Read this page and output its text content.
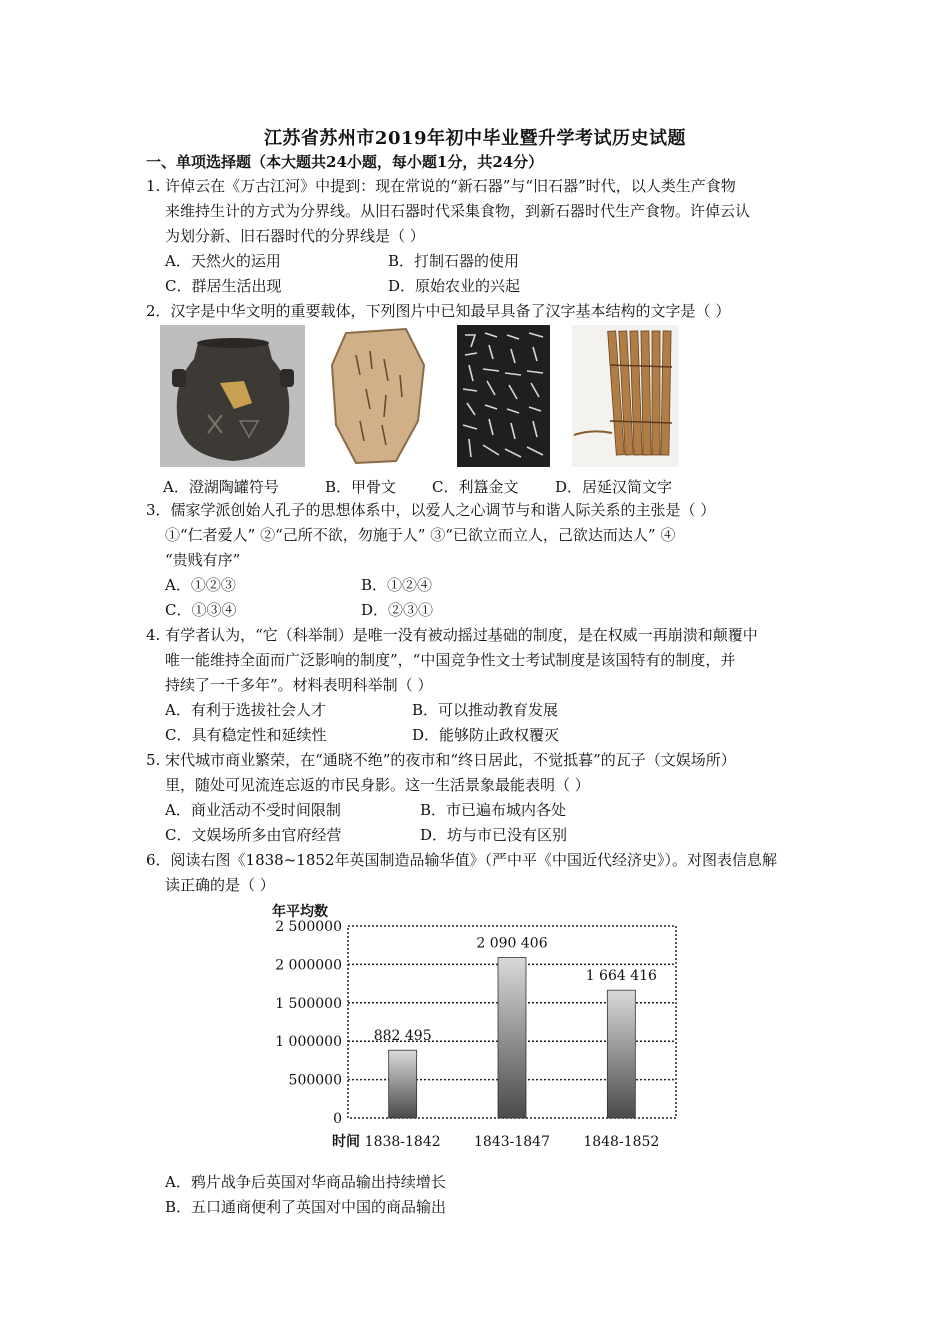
江苏省苏州市2019年初中毕业暨升学考试历史试题
一、单项选择题（本大题共24小题，每小题1分，共24分）
1. 许倬云在《万古江河》中提到：现在常说的“新石器”与“旧石器”时代，以人类生产食物
来维持生计的方式为分界线。从旧石器时代采集食物，到新石器时代生产食物。许倬云认
为划分新、旧石器时代的分界线是（ ）
A．天然火的运用	B．打制石器的使用
C．群居生活出现	D．原始农业的兴起
2．汉字是中华文明的重要载体，下列图片中已知最早具备了汉字基本结构的文字是（ ）
A．澄湖陶罐符号	B．甲骨文 C．利簋金文 D．居延汉简文字
3．儒家学派创始人孔子的思想体系中，以爱人之心调节与和谐人际关系的主张是（ ）
①“仁者爱人” ②“己所不欲，勿施于人” ③“已欲立而立人，己欲达而达人” ④
“贵贱有序”
A．①②③	B．①②④
C．①③④	D．②③①
4. 有学者认为，“它（科举制）是唯一没有被动摇过基础的制度，是在权威一再崩溃和颠覆中
唯一能维持全面而广泛影响的制度”，“中国竞争性文士考试制度是该国特有的制度，并
持续了一千多年”。材料表明科举制（ ）
A．有利于选拔社会人才	B．可以推动教育发展
C．具有稳定性和延续性	D．能够防止政权覆灭
5. 宋代城市商业繁荣，在“通晓不绝”的夜市和“终日居此，不觉抵暮”的瓦子（文娱场所）
里，随处可见流连忘返的市民身影。这一生活景象最能表明（ ）
A．商业活动不受时间限制	B．市已遍布城内各处
C．文娱场所多由官府经营	D．坊与市已没有区别
6．阅读右图《1838~1852年英国制造品输华值》（严中平《中国近代经济史》）。对图表信息解
读正确的是（ ）
年平均数
时间
0
500000
1 000000
1 500000
2 000000
2 500000
882 495
2 090 406
1 664 416
1838-1842 1843-1847 1848-1852
A．鸦片战争后英国对华商品输出持续增长
B．五口通商便利了英国对中国的商品输出
